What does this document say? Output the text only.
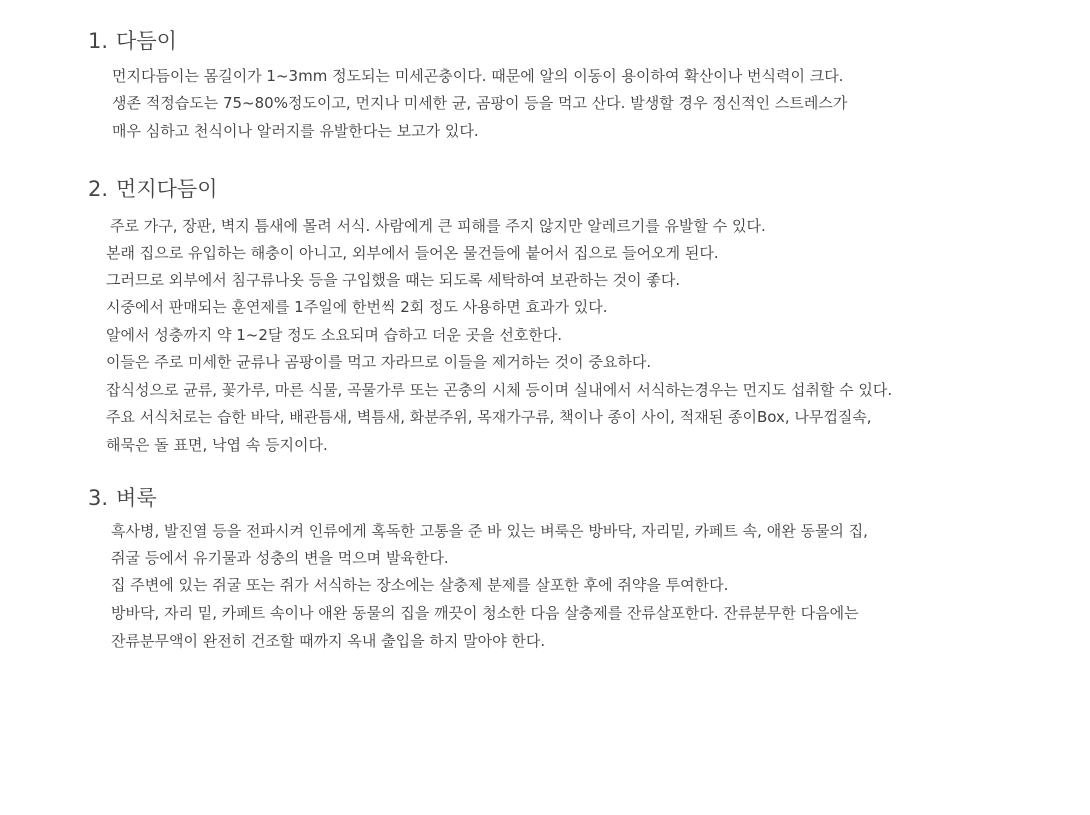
1. 다듬이

먼지다듬이는 몸길이가 1~3mm 정도되는 미세곤충이다. 때문에 알의 이동이 용이하여 확산이나 번식력이 크다.

생존 적정습도는 75~80%정도이고, 먼지나 미세한 균, 곰팡이 등을 먹고 산다. 발생할 경우 정신적인 스트레스가

매우 심하고 천식이나 알러지를 유발한다는 보고가 있다.

2. 먼지다듬이

주로 가구, 장판, 벽지 틈새에 몰려 서식. 사람에게 큰 피해를 주지 않지만 알레르기를 유발할 수 있다.

본래 집으로 유입하는 해충이 아니고, 외부에서 들어온 물건들에 붙어서 집으로 들어오게 된다.

그러므로 외부에서 침구류나옷 등을 구입했을 때는 되도록 세탁하여 보관하는 것이 좋다.

시중에서 판매되는 훈연제를 1주일에 한번씩 2회 정도 사용하면 효과가 있다.

알에서 성충까지 약 1~2달 정도 소요되며 습하고 더운 곳을 선호한다.

이들은 주로 미세한 균류나 곰팡이를 먹고 자라므로 이들을 제거하는 것이 중요하다.

잡식성으로 균류, 꽃가루, 마른 식물, 곡물가루 또는 곤충의 시체 등이며 실내에서 서식하는경우는 먼지도 섭취할 수 있다.

주요 서식처로는 습한 바닥, 배관틈새, 벽틈새, 화분주위, 목재가구류, 책이나 종이 사이, 적재된 종이Box, 나무껍질속,

해묵은 돌 표면, 낙엽 속 등지이다.

3. 벼룩

흑사병, 발진열 등을 전파시켜 인류에게 혹독한 고통을 준 바 있는 벼룩은 방바닥, 자리밑, 카페트 속, 애완 동물의 집,

쥐굴 등에서 유기물과 성충의 변을 먹으며 발육한다.

집 주변에 있는 쥐굴 또는 쥐가 서식하는 장소에는 살충제 분제를 살포한 후에 쥐약을 투여한다.

방바닥, 자리 밑, 카페트 속이나 애완 동물의 집을 깨끗이 청소한 다음 살충제를 잔류살포한다. 잔류분무한 다음에는

잔류분무액이 완전히 건조할 때까지 옥내 출입을 하지 말아야 한다.
